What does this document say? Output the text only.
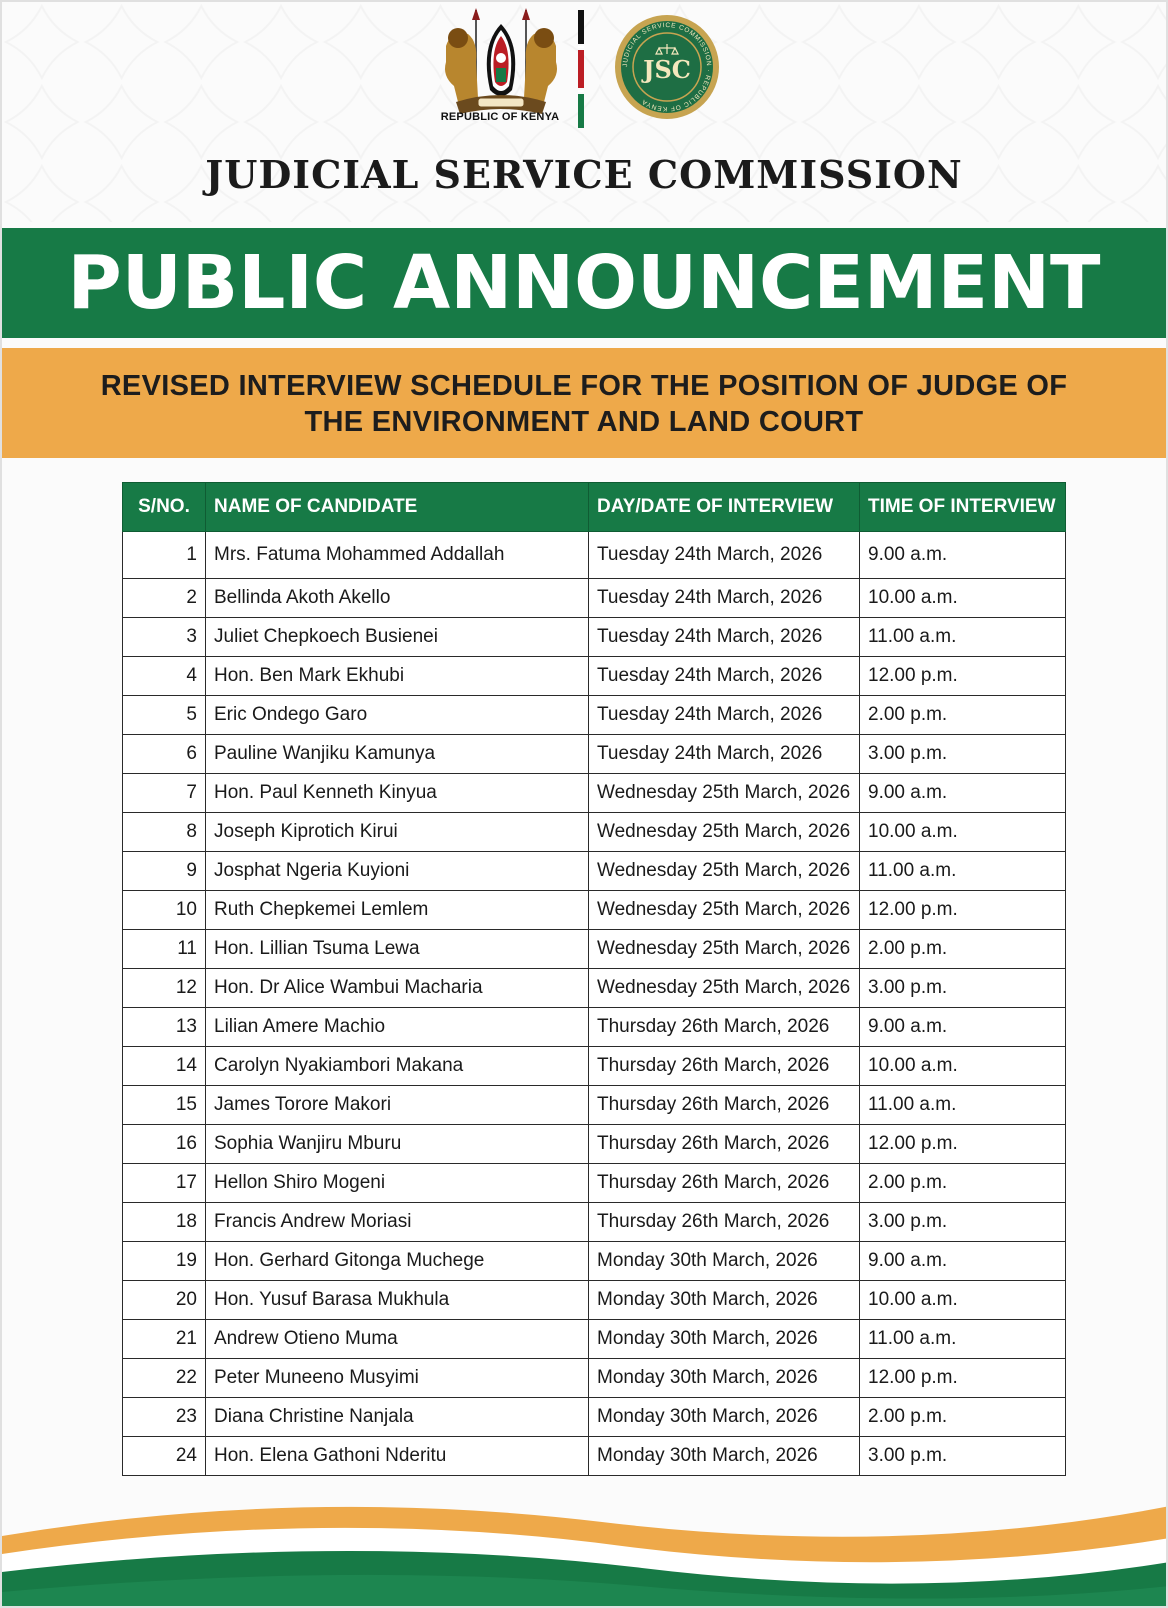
REPUBLIC OF KENYA
JUDICIAL SERVICE COMMISSION · REPUBLIC OF KENYA
JSC
JUDICIAL SERVICE COMMISSION
PUBLIC ANNOUNCEMENT
REVISED INTERVIEW SCHEDULE FOR THE POSITION OF JUDGE OF
THE ENVIRONMENT AND LAND COURT
S/NO.	NAME OF CANDIDATE	DAY/DATE OF INTERVIEW	TIME OF INTERVIEW
1	Mrs. Fatuma Mohammed Addallah	Tuesday 24th March, 2026	9.00 a.m.
2	Bellinda Akoth Akello	Tuesday 24th March, 2026	10.00 a.m.
3	Juliet Chepkoech Busienei	Tuesday 24th March, 2026	11.00 a.m.
4	Hon. Ben Mark Ekhubi	Tuesday 24th March, 2026	12.00 p.m.
5	Eric Ondego Garo	Tuesday 24th March, 2026	2.00 p.m.
6	Pauline Wanjiku Kamunya	Tuesday 24th March, 2026	3.00 p.m.
7	Hon. Paul Kenneth Kinyua	Wednesday 25th March, 2026	9.00 a.m.
8	Joseph Kiprotich Kirui	Wednesday 25th March, 2026	10.00 a.m.
9	Josphat Ngeria Kuyioni	Wednesday 25th March, 2026	11.00 a.m.
10	Ruth Chepkemei Lemlem	Wednesday 25th March, 2026	12.00 p.m.
11	Hon. Lillian Tsuma Lewa	Wednesday 25th March, 2026	2.00 p.m.
12	Hon. Dr Alice Wambui Macharia	Wednesday 25th March, 2026	3.00 p.m.
13	Lilian Amere Machio	Thursday 26th March, 2026	9.00 a.m.
14	Carolyn Nyakiambori Makana	Thursday 26th March, 2026	10.00 a.m.
15	James Torore Makori	Thursday 26th March, 2026	11.00 a.m.
16	Sophia Wanjiru Mburu	Thursday 26th March, 2026	12.00 p.m.
17	Hellon Shiro Mogeni	Thursday 26th March, 2026	2.00 p.m.
18	Francis Andrew Moriasi	Thursday 26th March, 2026	3.00 p.m.
19	Hon. Gerhard Gitonga Muchege	Monday 30th March, 2026	9.00 a.m.
20	Hon. Yusuf Barasa Mukhula	Monday 30th March, 2026	10.00 a.m.
21	Andrew Otieno Muma	Monday 30th March, 2026	11.00 a.m.
22	Peter Muneeno Musyimi	Monday 30th March, 2026	12.00 p.m.
23	Diana Christine Nanjala	Monday 30th March, 2026	2.00 p.m.
24	Hon. Elena Gathoni Nderitu	Monday 30th March, 2026	3.00 p.m.
